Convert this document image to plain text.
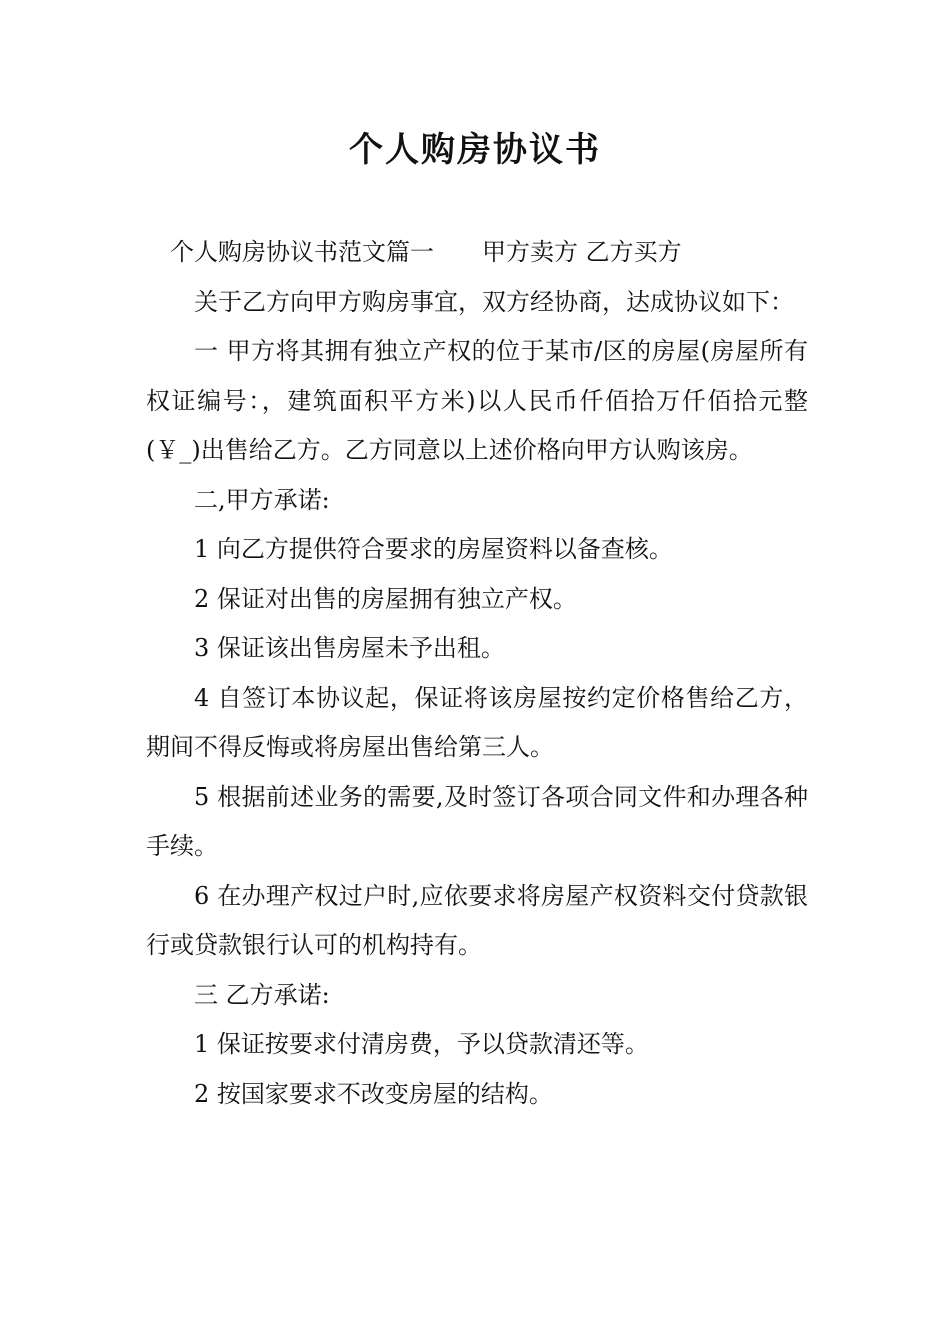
个人购房协议书

个人购房协议书范文篇一 甲方卖方 乙方买方

关于乙方向甲方购房事宜，双方经协商，达成协议如下：

一 甲方将其拥有独立产权的位于某市/区的房屋(房屋所有权证编号：，建筑面积平方米)以人民币仟佰拾万仟佰拾元整(￥_)出售给乙方。乙方同意以上述价格向甲方认购该房。

二,甲方承诺:

1 向乙方提供符合要求的房屋资料以备查核。

2 保证对出售的房屋拥有独立产权。

3 保证该出售房屋未予出租。

4 自签订本协议起，保证将该房屋按约定价格售给乙方，期间不得反悔或将房屋出售给第三人。

5 根据前述业务的需要,及时签订各项合同文件和办理各种手续。

6 在办理产权过户时,应依要求将房屋产权资料交付贷款银行或贷款银行认可的机构持有。

三 乙方承诺:

1 保证按要求付清房费，予以贷款清还等。

2 按国家要求不改变房屋的结构。
